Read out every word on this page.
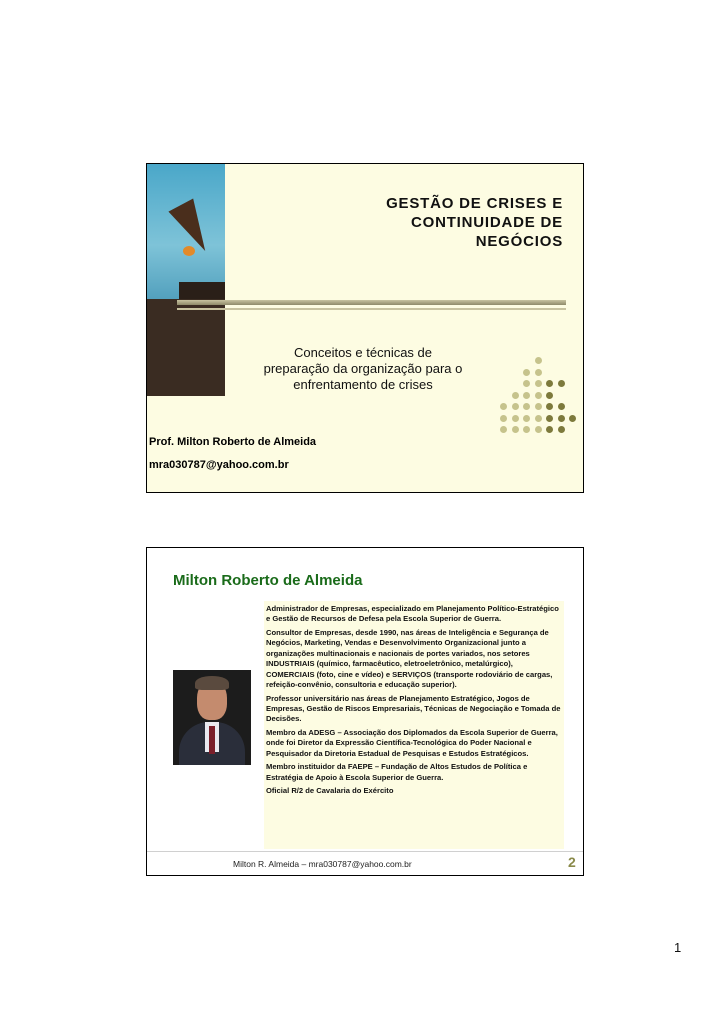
GESTÃO DE CRISES E
CONTINUIDADE DE
NEGÓCIOS
Conceitos e técnicas de
preparação da organização para o
enfrentamento de crises
Prof. Milton Roberto de Almeida
mra030787@yahoo.com.br
Milton Roberto de Almeida
Administrador de Empresas, especializado em Planejamento Político-Estratégico e Gestão de Recursos de Defesa pela Escola Superior de Guerra.
Consultor de Empresas, desde 1990, nas áreas de Inteligência e Segurança de Negócios, Marketing, Vendas e Desenvolvimento Organizacional junto a organizações multinacionais e nacionais de portes variados, nos setores INDUSTRIAIS (químico, farmacêutico, eletroeletrônico, metalúrgico), COMERCIAIS (foto, cine e vídeo) e SERVIÇOS (transporte rodoviário de cargas, refeição-convênio, consultoria e educação superior).
Professor universitário nas áreas de Planejamento Estratégico, Jogos de Empresas, Gestão de Riscos Empresariais, Técnicas de Negociação e Tomada de Decisões.
Membro da ADESG – Associação dos Diplomados da Escola Superior de Guerra, onde foi Diretor da Expressão Científica-Tecnológica do Poder Nacional e Pesquisador da Diretoria Estadual de Pesquisas e Estudos Estratégicos.
Membro instituidor da FAEPE – Fundação de Altos Estudos de Política e Estratégia de Apoio à Escola Superior de Guerra.
Oficial R/2 de Cavalaria do Exército
Milton R. Almeida – mra030787@yahoo.com.br	2
1
